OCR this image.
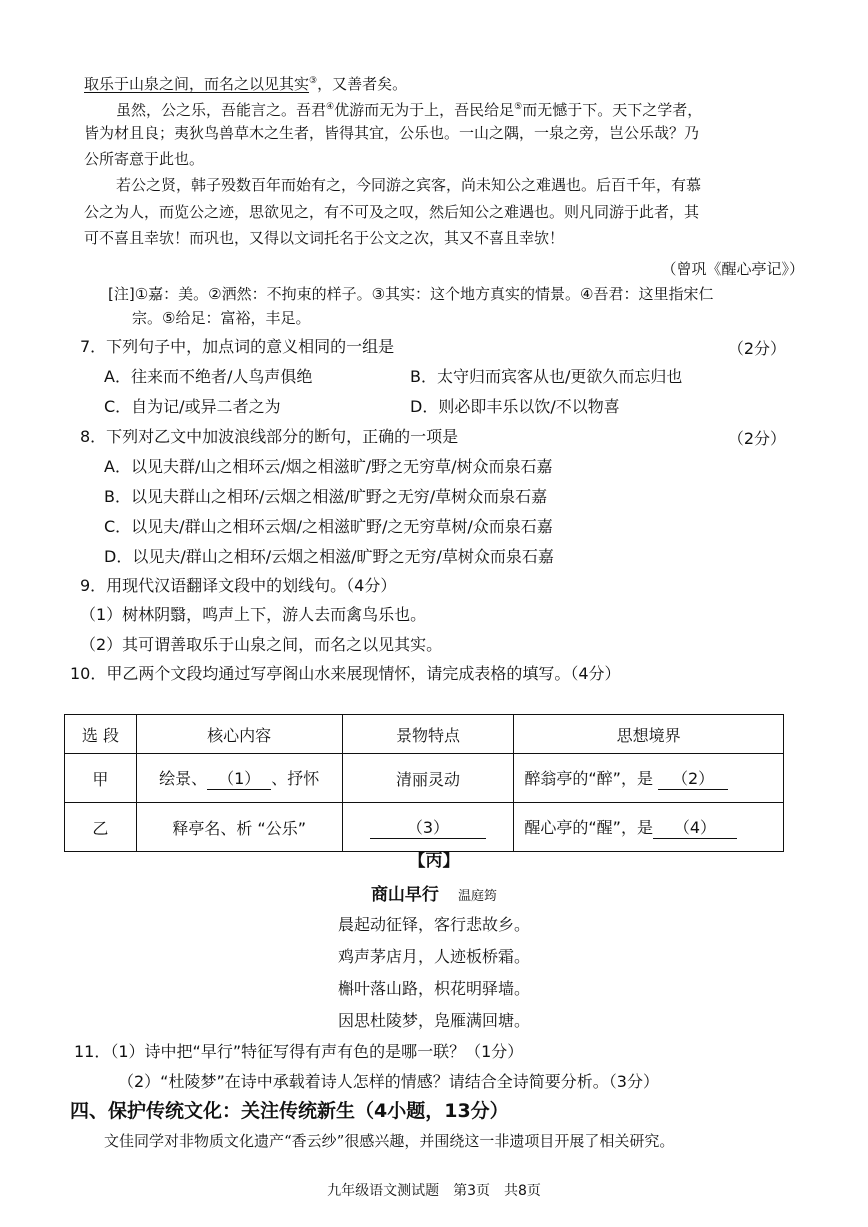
取乐于山泉之间，而名之以见其实③，又善者矣。
虽然，公之乐，吾能言之。吾君④优游而无为于上，吾民给足⑤而无憾于下。天下之学者，
皆为材且良；夷狄鸟兽草木之生者，皆得其宜，公乐也。一山之隅，一泉之旁，岂公乐哉？乃
公所寄意于此也。
若公之贤，韩子殁数百年而始有之，今同游之宾客，尚未知公之难遇也。后百千年，有慕
公之为人，而览公之迹，思欲见之，有不可及之叹，然后知公之难遇也。则凡同游于此者，其
可不喜且幸欤！而巩也，又得以文词托名于公文之次，其又不喜且幸欤！
（曾巩《醒心亭记》）
[注]①嘉：美。②洒然：不拘束的样子。③其实：这个地方真实的情景。④吾君：这里指宋仁
宗。⑤给足：富裕，丰足。
7．下列句子中，加点词的意义相同的一组是	（2分）
A．往来而不绝者/人鸟声俱绝	B．太守归而宾客从也/更欲久而忘归也
C．自为记/或异二者之为	D．则必即丰乐以饮/不以物喜
8．下列对乙文中加波浪线部分的断句，正确的一项是	（2分）
A．以见夫群/山之相环云/烟之相滋旷/野之无穷草/树众而泉石嘉
B．以见夫群山之相环/云烟之相滋/旷野之无穷/草树众而泉石嘉
C．以见夫/群山之相环云烟/之相滋旷野/之无穷草树/众而泉石嘉
D．以见夫/群山之相环/云烟之相滋/旷野之无穷/草树众而泉石嘉
9．用现代汉语翻译文段中的划线句。（4分）
（1）树林阴翳，鸣声上下，游人去而禽鸟乐也。
（2）其可谓善取乐于山泉之间，而名之以见其实。
10．甲乙两个文段均通过写亭阁山水来展现情怀，请完成表格的填写。（4分）
选 段	核心内容	景物特点	思想境界
甲	绘景、 （1） 、抒怀	清丽灵动	醉翁亭的“醉”，是 （2）
乙	释亭名、析 “公乐”	（3）	醒心亭的“醒”，是 （4）
【丙】
商山早行 温庭筠
晨起动征铎，客行悲故乡。
鸡声茅店月，人迹板桥霜。
槲叶落山路，枳花明驿墙。
因思杜陵梦，凫雁满回塘。
11．（1）诗中把“早行”特征写得有声有色的是哪一联？（1分）
（2）“杜陵梦”在诗中承载着诗人怎样的情感？请结合全诗简要分析。（3分）
四、保护传统文化：关注传统新生（4小题，13分）
文佳同学对非物质文化遗产“香云纱”很感兴趣，并围绕这一非遗项目开展了相关研究。
九年级语文测试题　第3页　共8页
